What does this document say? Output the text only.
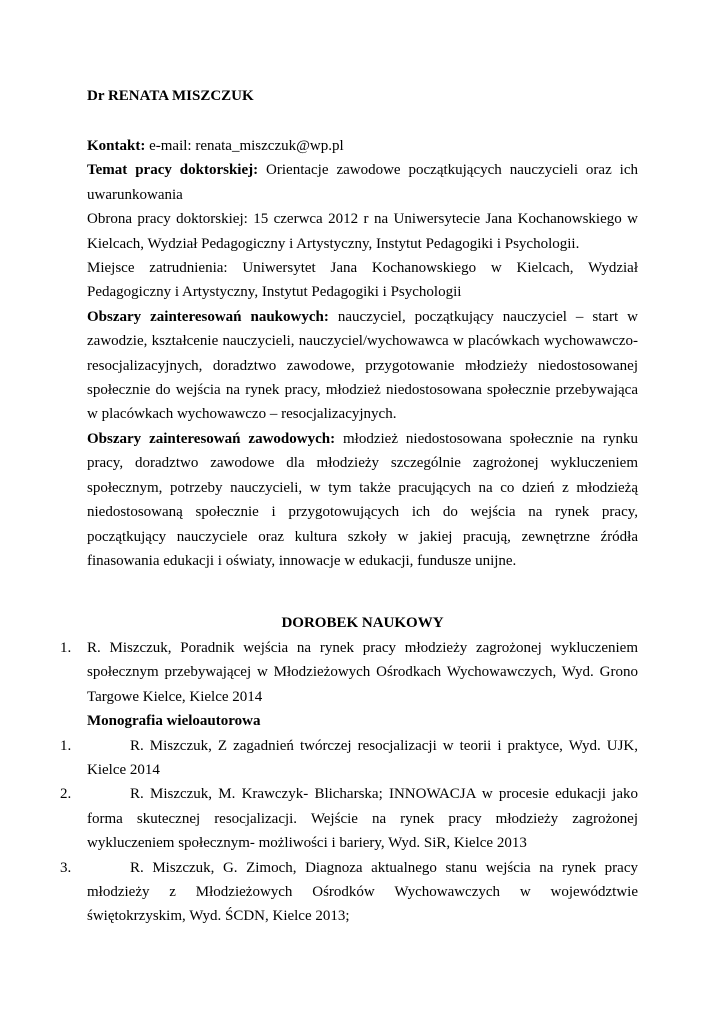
Dr RENATA MISZCZUK
Kontakt: e-mail: renata_miszczuk@wp.pl
Temat pracy doktorskiej: Orientacje zawodowe początkujących nauczycieli oraz ich uwarunkowania
Obrona pracy doktorskiej: 15 czerwca 2012 r na Uniwersytecie Jana Kochanowskiego w Kielcach, Wydział Pedagogiczny i Artystyczny, Instytut Pedagogiki i Psychologii.
Miejsce zatrudnienia: Uniwersytet Jana Kochanowskiego w Kielcach, Wydział Pedagogiczny i Artystyczny, Instytut Pedagogiki i Psychologii
Obszary zainteresowań naukowych: nauczyciel, początkujący nauczyciel – start w zawodzie, kształcenie nauczycieli, nauczyciel/wychowawca w placówkach wychowawczo-resocjalizacyjnych, doradztwo zawodowe, przygotowanie młodzieży niedostosowanej społecznie do wejścia na rynek pracy, młodzież niedostosowana społecznie przebywająca w placówkach wychowawczo – resocjalizacyjnych.
Obszary zainteresowań zawodowych: młodzież niedostosowana społecznie na rynku pracy, doradztwo zawodowe dla młodzieży szczególnie zagrożonej wykluczeniem społecznym, potrzeby nauczycieli, w tym także pracujących na co dzień z młodzieżą niedostosowaną społecznie i przygotowujących ich do wejścia na rynek pracy, początkujący nauczyciele oraz kultura szkoły w jakiej pracują, zewnętrzne źródła finasowania edukacji i oświaty, innowacje w edukacji, fundusze unijne.
DOROBEK NAUKOWY
1. R. Miszczuk, Poradnik wejścia na rynek pracy młodzieży zagrożonej wykluczeniem społecznym przebywającej w Młodzieżowych Ośrodkach Wychowawczych, Wyd. Grono Targowe Kielce, Kielce 2014
Monografia wieloautorowa
1.	R. Miszczuk, Z zagadnień twórczej resocjalizacji w teorii i praktyce, Wyd. UJK, Kielce 2014
2.	R. Miszczuk, M. Krawczyk- Blicharska; INNOWACJA w procesie edukacji jako forma skutecznej resocjalizacji. Wejście na rynek pracy młodzieży zagrożonej wykluczeniem społecznym- możliwości i bariery, Wyd. SiR, Kielce 2013
3.	R. Miszczuk, G. Zimoch, Diagnoza aktualnego stanu wejścia na rynek pracy młodzieży z Młodzieżowych Ośrodków Wychowawczych w województwie świętokrzyskim, Wyd. ŚCDN, Kielce 2013;
